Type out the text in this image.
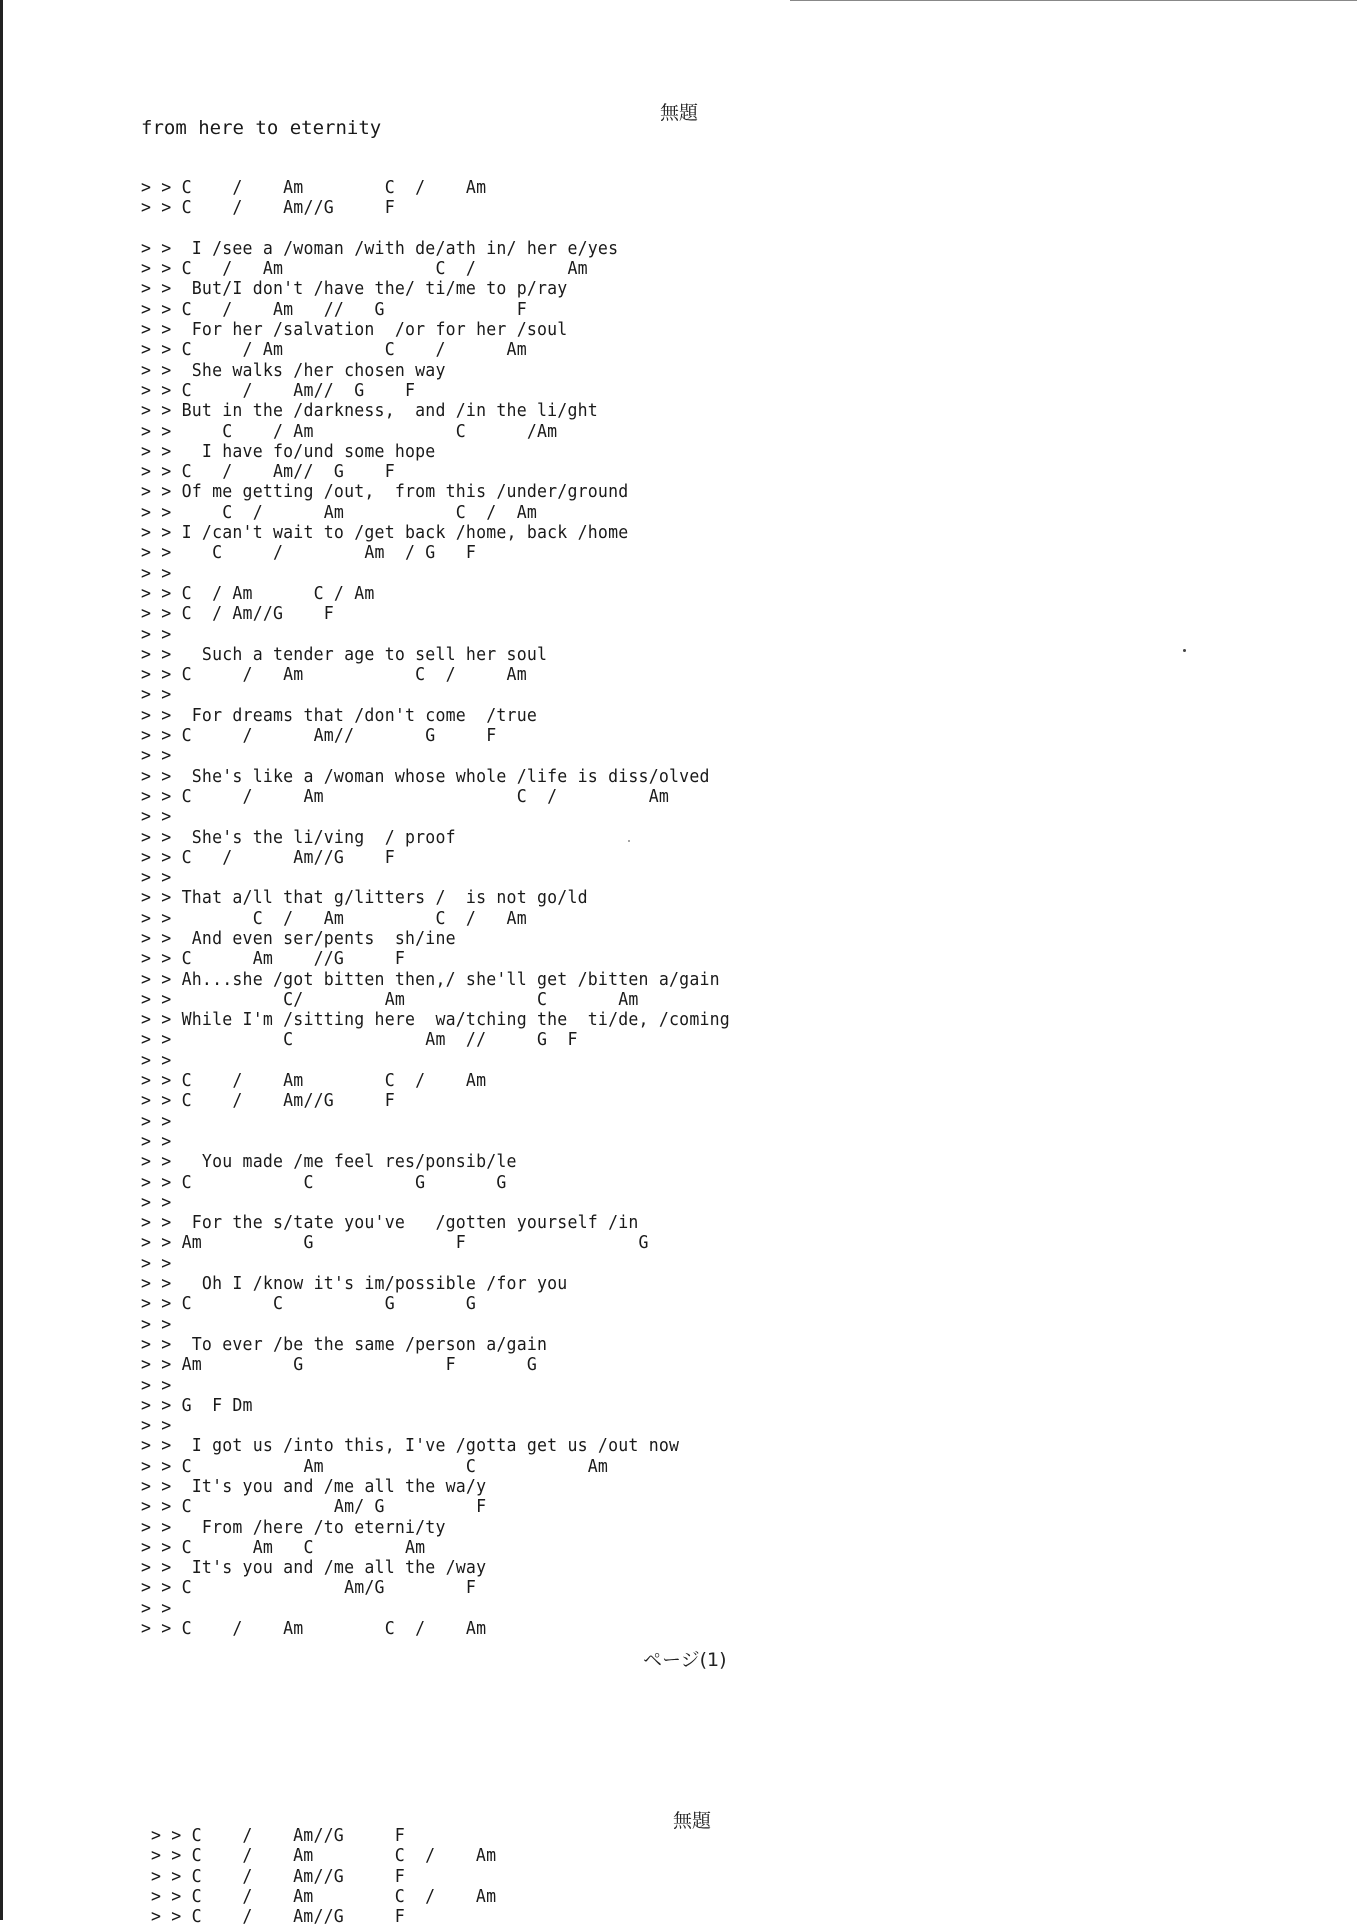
無題
from here to eternity
> > C    /    Am        C  /    Am
> > C    /    Am//G     F
> >  I /see a /woman /with de/ath in/ her e/yes
> > C   /   Am               C  /         Am
> >  But/I don't /have the/ ti/me to p/ray
> > C   /    Am   //   G             F
> >  For her /salvation  /or for her /soul
> > C     / Am          C    /      Am
> >  She walks /her chosen way
> > C     /    Am//  G    F
> > But in the /darkness,  and /in the li/ght
> >     C    / Am              C      /Am
> >   I have fo/und some hope
> > C   /    Am//  G    F
> > Of me getting /out,  from this /under/ground
> >     C  /      Am           C  /  Am
> > I /can't wait to /get back /home, back /home
> >    C     /        Am  / G   F
> >
> > C  / Am      C / Am
> > C  / Am//G    F
> >
> >   Such a tender age to sell her soul
> > C     /   Am           C  /     Am
> >
> >  For dreams that /don't come  /true
> > C     /      Am//       G     F
> >
> >  She's like a /woman whose whole /life is diss/olved
> > C     /     Am                   C  /         Am
> >
> >  She's the li/ving  / proof
> > C   /      Am//G    F
> >
> > That a/ll that g/litters /  is not go/ld
> >        C  /   Am         C  /   Am
> >  And even ser/pents  sh/ine
> > C      Am    //G     F
> > Ah...she /got bitten then,/ she'll get /bitten a/gain
> >           C/        Am             C       Am
> > While I'm /sitting here  wa/tching the  ti/de, /coming
> >           C             Am  //     G  F
> >
> > C    /    Am        C  /    Am
> > C    /    Am//G     F
> >
> >
> >   You made /me feel res/ponsib/le
> > C           C          G       G
> >
> >  For the s/tate you've   /gotten yourself /in
> > Am          G              F                 G
> >
> >   Oh I /know it's im/possible /for you
> > C        C          G       G
> >
> >  To ever /be the same /person a/gain
> > Am         G              F       G
> >
> > G  F Dm
> >
> >  I got us /into this, I've /gotta get us /out now
> > C           Am              C           Am
> >  It's you and /me all the wa/y
> > C              Am/ G         F
> >   From /here /to eterni/ty
> > C      Am   C         Am
> >  It's you and /me all the /way
> > C               Am/G        F
> >
> > C    /    Am        C  /    Am
ページ(1)
無題
> > C    /    Am//G     F
> > C    /    Am        C  /    Am
> > C    /    Am//G     F
> > C    /    Am        C  /    Am
> > C    /    Am//G     F
